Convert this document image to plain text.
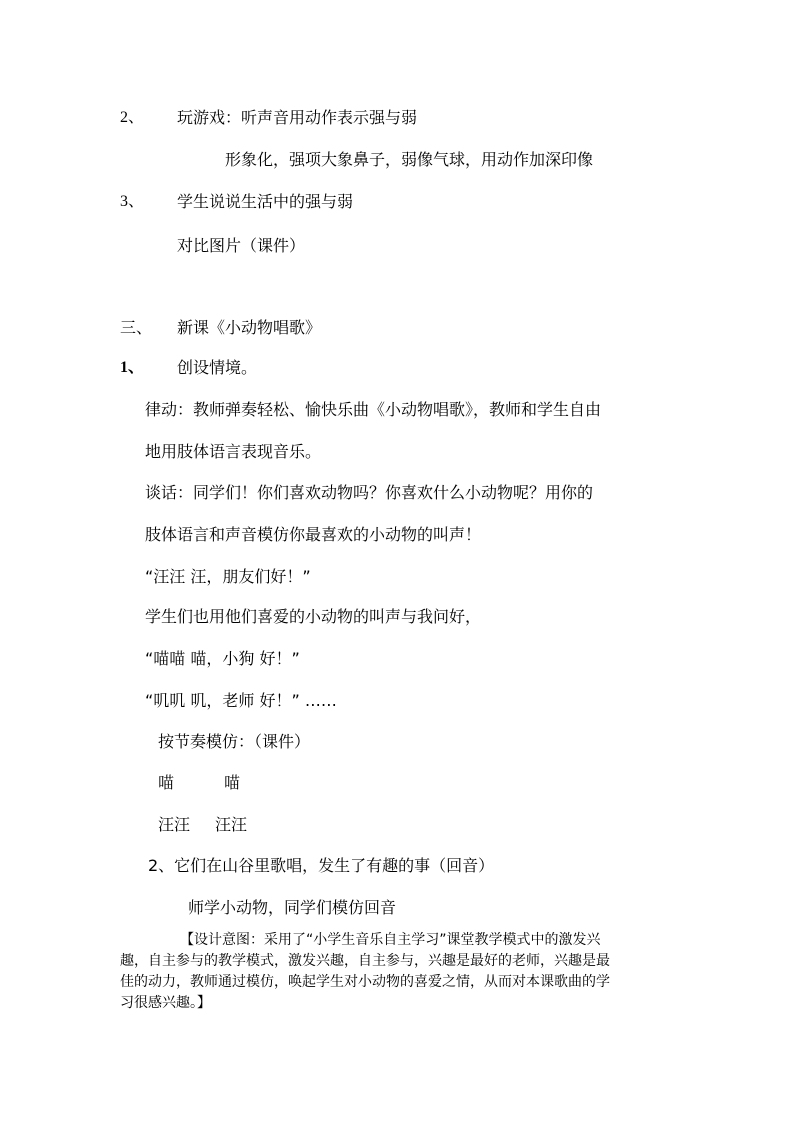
2、 玩游戏：听声音用动作表示强与弱
形象化，强项大象鼻子，弱像气球，用动作加深印像
3、 学生说说生活中的强与弱
对比图片（课件）
三、 新课《小动物唱歌》
1、 创设情境。
律动：教师弹奏轻松、愉快乐曲《小动物唱歌》，教师和学生自由
地用肢体语言表现音乐。
谈话：同学们！你们喜欢动物吗？你喜欢什么小动物呢？用你的
肢体语言和声音模仿你最喜欢的小动物的叫声！
“汪汪 汪，朋友们好！”
学生们也用他们喜爱的小动物的叫声与我问好，
“喵喵 喵，小狗 好！”
“叽叽 叽，老师 好！” ……
按节奏模仿：（课件）
喵	喵
汪汪 汪汪
2、它们在山谷里歌唱，发生了有趣的事（回音）
师学小动物，同学们模仿回音

【设计意图：采用了“小学生音乐自主学习”课堂教学模式中的激发兴

趣，自主参与的教学模式，激发兴趣，自主参与，兴趣是最好的老师，兴趣是最

佳的动力，教师通过模仿，唤起学生对小动物的喜爱之情，从而对本课歌曲的学

习很感兴趣。】
